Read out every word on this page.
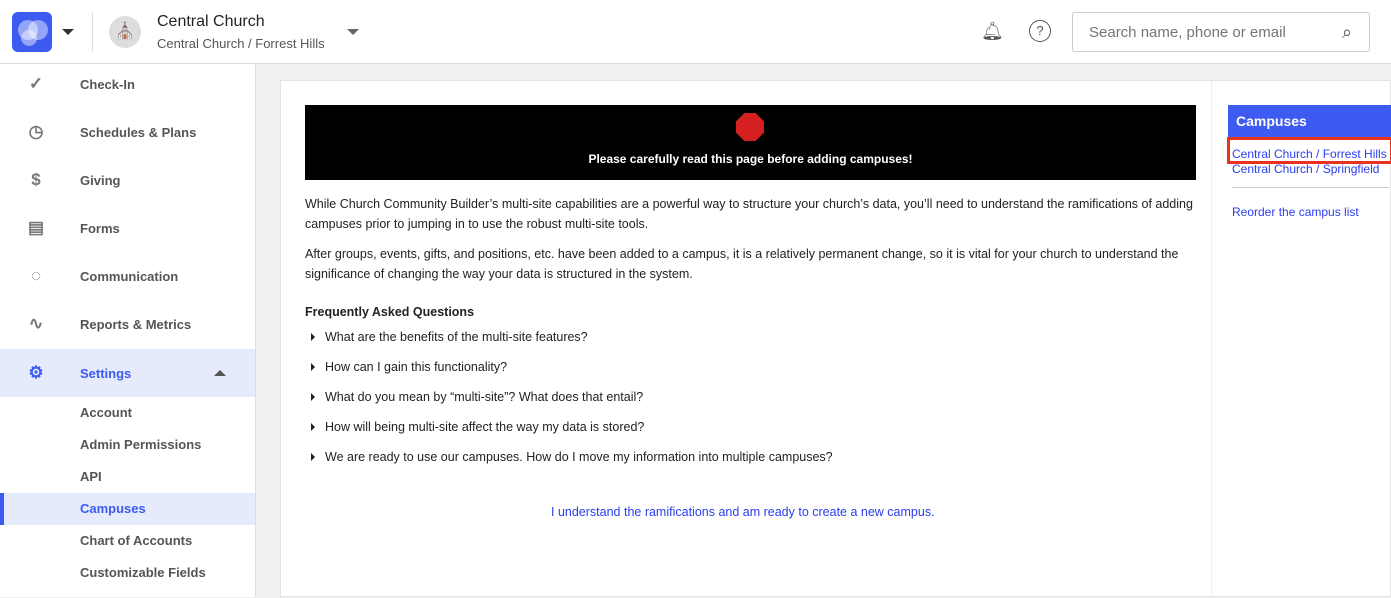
⛪
Central Church
Central Church / Forrest Hills
🔔︎	?
Search name, phone or email	⌕
✓	Check-In
◷	Schedules & Plans
$	Giving
▤	Forms
◌	Communication
∿	Reports & Metrics
⚙	Settings
Account
Admin Permissions
API
Campuses
Chart of Accounts
Customizable Fields
Please carefully read this page before adding campuses!
While Church Community Builder’s multi-site capabilities are a powerful way to structure your church’s data, you’ll need to understand the ramifications of adding campuses prior to jumping in to use the robust multi-site tools.
After groups, events, gifts, and positions, etc. have been added to a campus, it is a relatively permanent change, so it is vital for your church to understand the significance of changing the way your data is structured in the system.
Frequently Asked Questions
What are the benefits of the multi-site features?
How can I gain this functionality?
What do you mean by “multi-site”? What does that entail?
How will being multi-site affect the way my data is stored?
We are ready to use our campuses. How do I move my information into multiple campuses?
I understand the ramifications and am ready to create a new campus.
Campuses
Central Church / Forrest Hills
Central Church / Springfield
Reorder the campus list
